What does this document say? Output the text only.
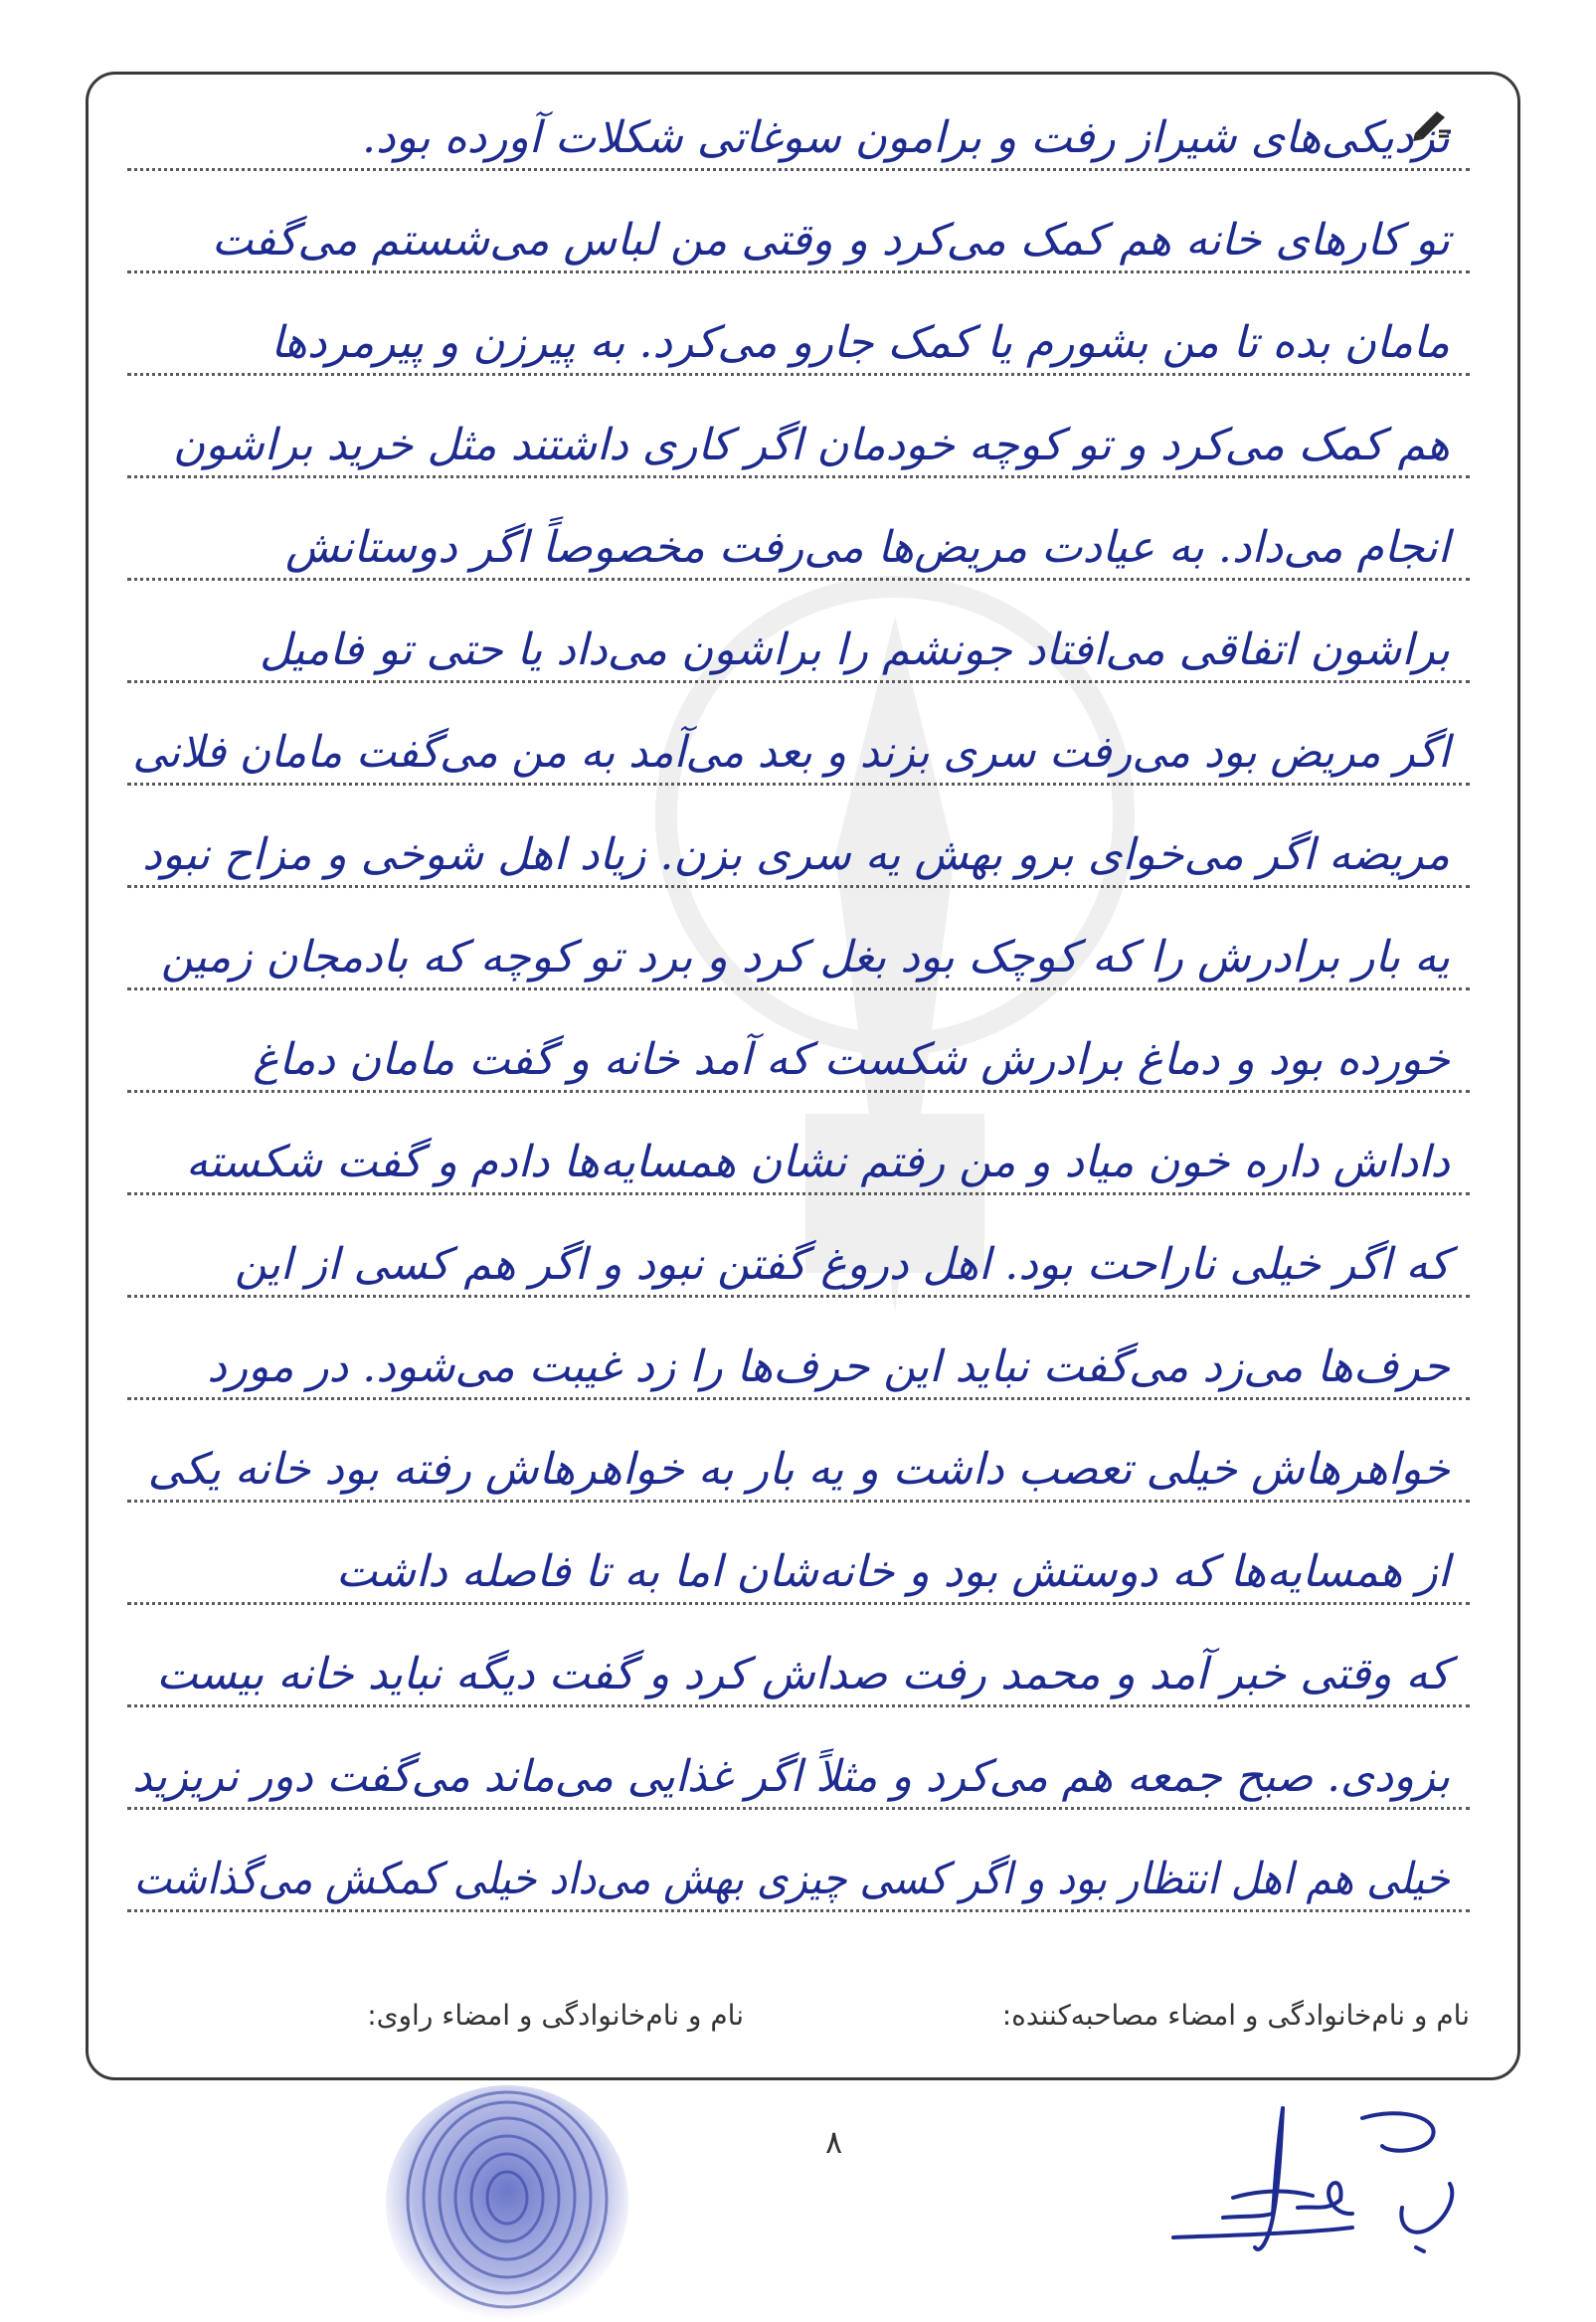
نزدیکی‌های شیراز رفت و برامون سوغاتی شکلات آورده بود.
تو کارهای خانه هم کمک می‌کرد و وقتی من لباس می‌شستم می‌گفت
مامان بده تا من بشورم یا کمک جارو می‌کرد. به پیرزن و پیرمردها
هم کمک می‌کرد و تو کوچه خودمان اگر کاری داشتند مثل خرید براشون
انجام می‌داد. به عیادت مریض‌ها می‌رفت مخصوصاً اگر دوستانش
براشون اتفاقی می‌افتاد جونشم را براشون می‌داد یا حتی تو فامیل
اگر مریض بود می‌رفت سری بزند و بعد می‌آمد به من می‌گفت مامان فلانی
مریضه اگر می‌خوای برو بهش یه سری بزن. زیاد اهل شوخی و مزاح نبود
یه بار برادرش را که کوچک بود بغل کرد و برد تو کوچه که بادمجان زمین
خورده بود و دماغ برادرش شکست که آمد خانه و گفت مامان دماغ
داداش داره خون میاد و من رفتم نشان همسایه‌ها دادم و گفت شکسته
که اگر خیلی ناراحت بود. اهل دروغ گفتن نبود و اگر هم کسی از این
حرف‌ها می‌زد می‌گفت نباید این حرف‌ها را زد غیبت می‌شود. در مورد
خواهرهاش خیلی تعصب داشت و یه بار به خواهرهاش رفته بود خانه یکی
از همسایه‌ها که دوستش بود و خانه‌شان اما به تا فاصله داشت
که وقتی خبر آمد و محمد رفت صداش کرد و گفت دیگه نباید خانه بیست
بزودی. صبح جمعه هم می‌کرد و مثلاً اگر غذایی می‌ماند می‌گفت دور نریزید
خیلی هم اهل انتظار بود و اگر کسی چیزی بهش می‌داد خیلی کمکش می‌گذاشت
نام و نام‌خانوادگی و امضاء مصاحبه‌کننده:
نام و نام‌خانوادگی و امضاء راوی:
۸
